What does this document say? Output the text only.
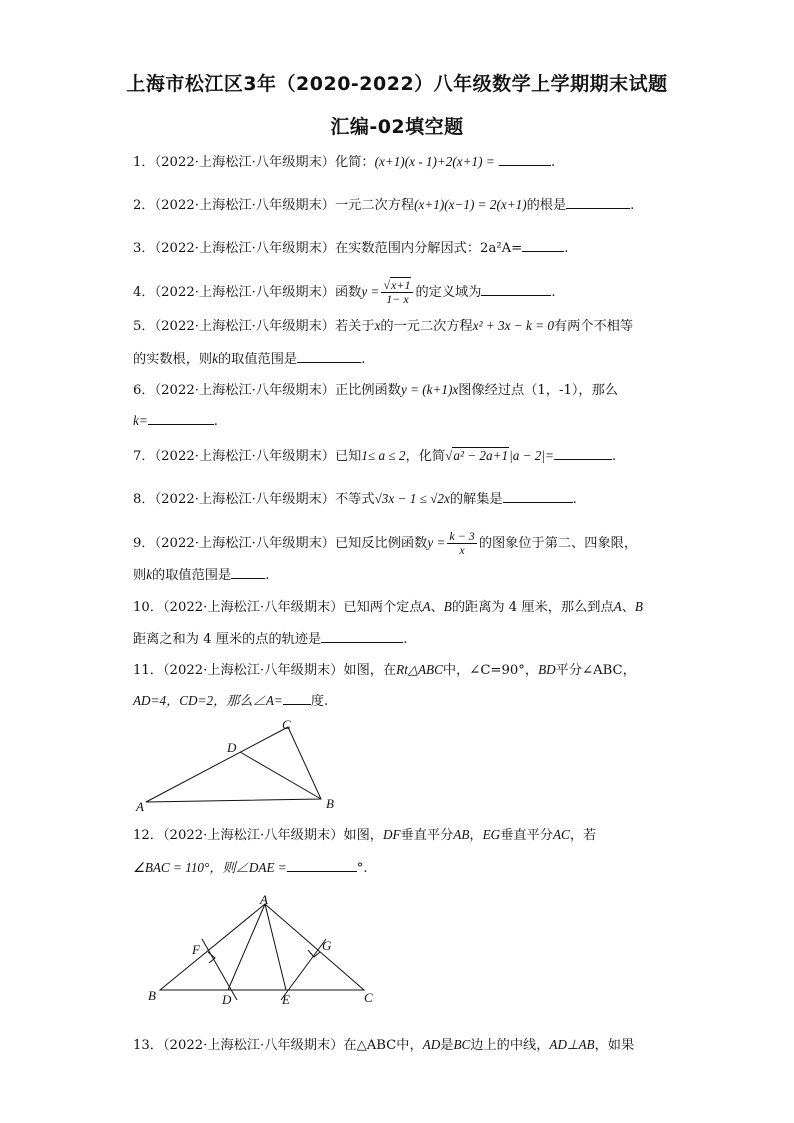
上海市松江区3年（2020-2022）八年级数学上学期期末试题
汇编-02填空题
1．（2022·上海松江·八年级期末）化简：(x+1)(x - 1)+2(x+1) =	.
2．（2022·上海松江·八年级期末）一元二次方程(x+1)(x−1) = 2(x+1)的根是	.
3．（2022·上海松江·八年级期末）在实数范围内分解因式：2a²A=	.
4．（2022·上海松江·八年级期末）函数$y = \frac{√x+1}{1- x}$ 的定义域为	.
5．（2022·上海松江·八年级期末）若关于x的一元二次方程x² + 3x − k = 0有两个不相等
的实数根，则k的取值范围是	.
6．（2022·上海松江·八年级期末）正比例函数y = (k+1)x图像经过点（1，-1），那么
k=	.
7．（2022·上海松江·八年级期末）已知1≤ a ≤ 2，化简√a² − 2a+1|a − 2|=	.
8．（2022·上海松江·八年级期末）不等式√3x − 1 ≤ √2x的解集是	.
9．（2022·上海松江·八年级期末）已知反比例函数$y = \frac{k - 3}{x}$ 的图象位于第二、四象限，
则k的取值范围是	.
10．（2022·上海松江·八年级期末）已知两个定点A、B的距离为 4 厘米，那么到点A、B
距离之和为 4 厘米的点的轨迹是	.
11．（2022·上海松江·八年级期末）如图，在Rt△ABC中，∠C=90°，BD平分∠ABC，
AD=4，CD=2，那么∠A= 度.
A	B
C
D
12．（2022·上海松江·八年级期末）如图，DF垂直平分AB，EG垂直平分AC，若
∠BAC = 110°，则∠DAE =	°.
A
B	C
D	E
F	G
13．（2022·上海松江·八年级期末）在△ABC中，AD是BC边上的中线，AD⊥AB，如果
